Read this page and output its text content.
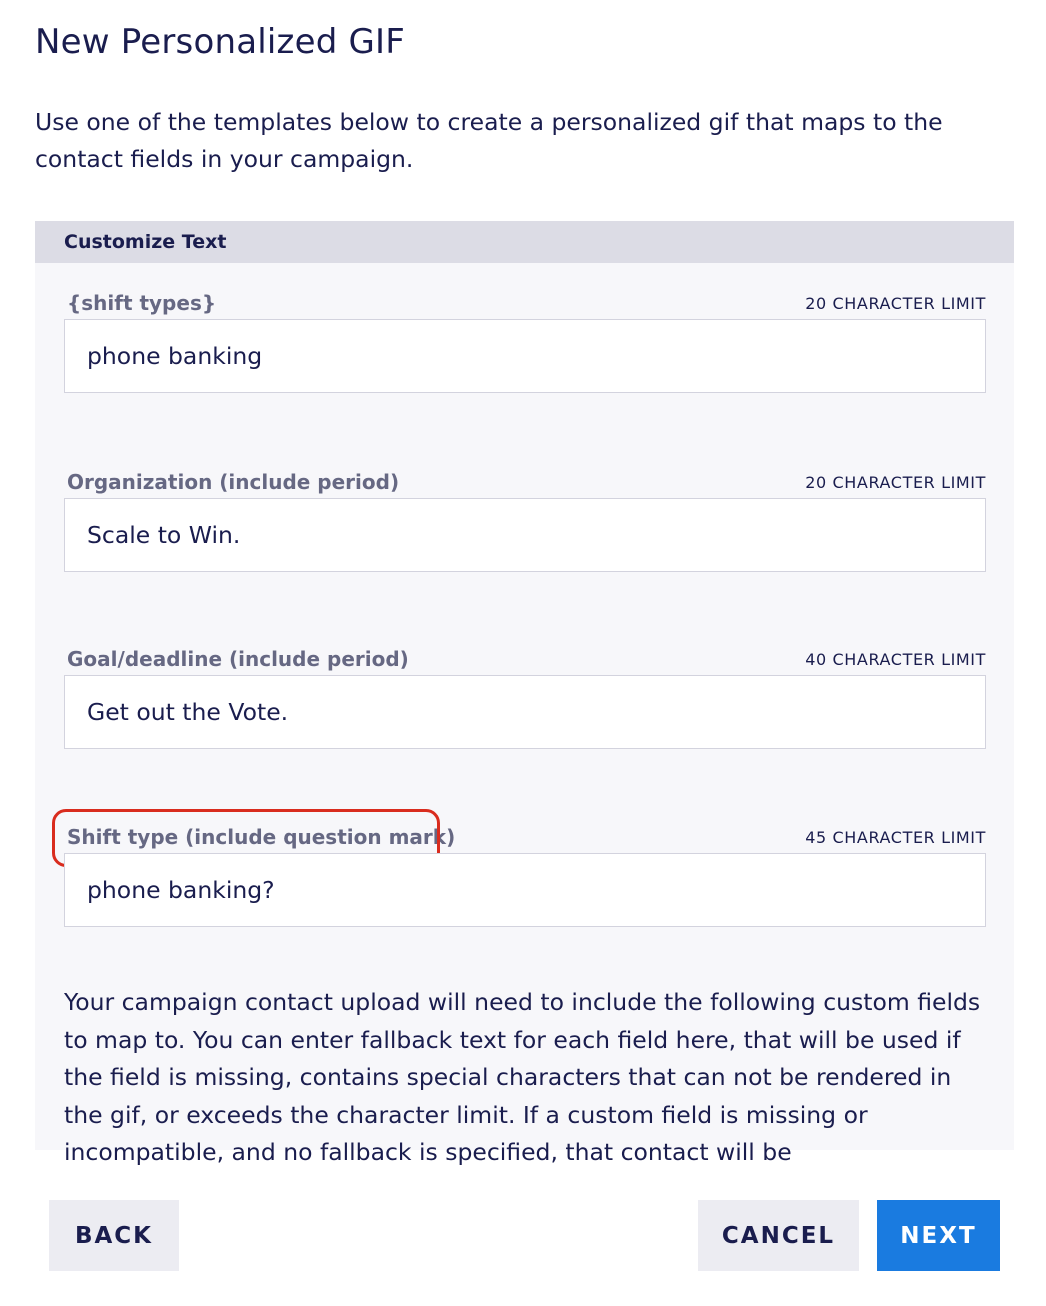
New Personalized GIF

Use one of the templates below to create a personalized gif that maps to the contact fields in your campaign.

Customize Text
{shift types}	20 CHARACTER LIMIT
phone banking
Organization (include period)	20 CHARACTER LIMIT
Scale to Win.
Goal/deadline (include period)	40 CHARACTER LIMIT
Get out the Vote.
Shift type (include question mark)	45 CHARACTER LIMIT
phone banking?

Your campaign contact upload will need to include the following custom fields to map to. You can enter fallback text for each field here, that will be used if the field is missing, contains special characters that can not be rendered in the gif, or exceeds the character limit. If a custom field is missing or incompatible, and no fallback is specified, that contact will be

BACK	CANCEL	NEXT
